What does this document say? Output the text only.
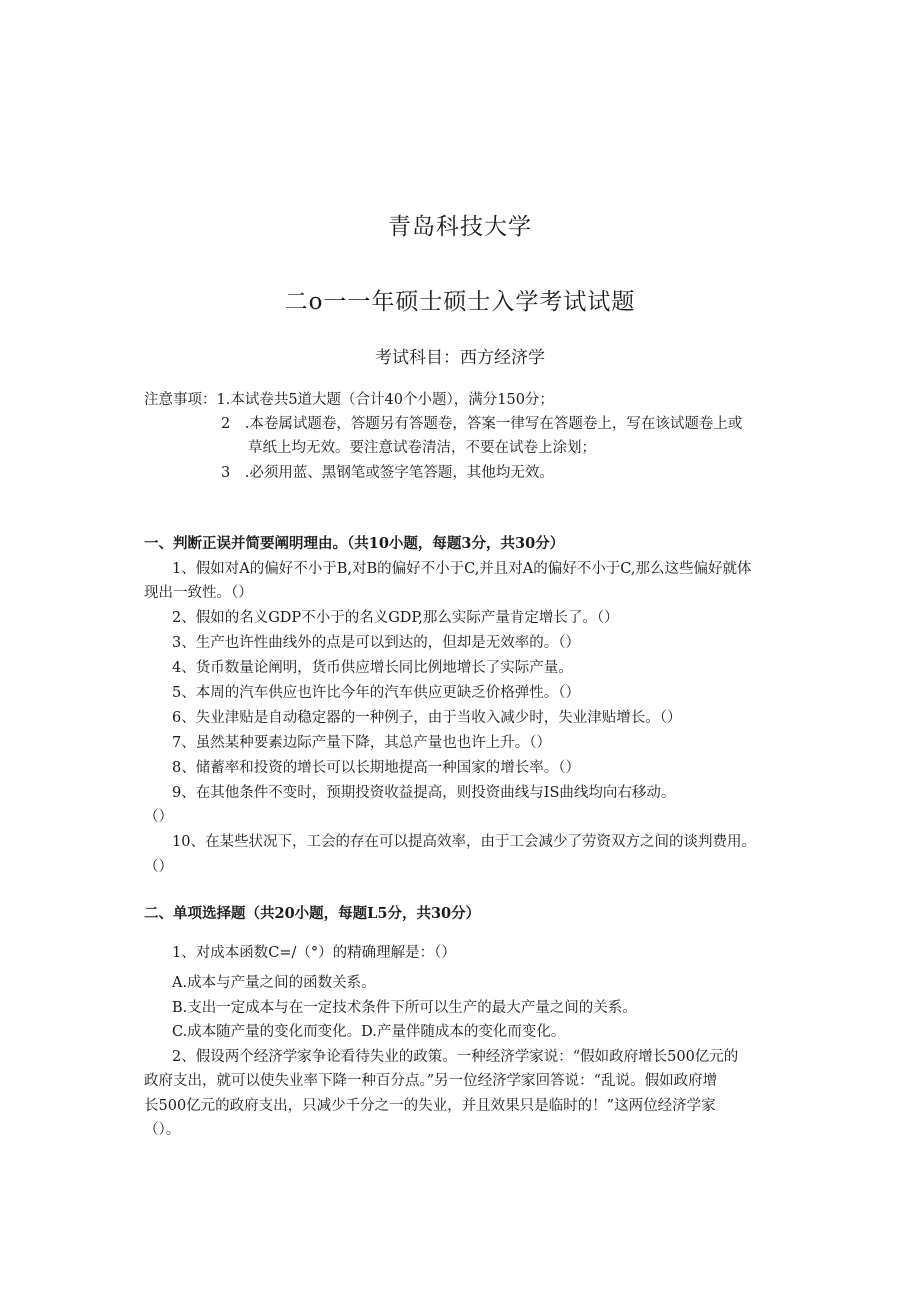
青岛科技大学
二o一一年硕士硕士入学考试试题
考试科目：西方经济学
注意事项：1.本试卷共5道大题（合计40个小题），满分150分；
2　.本卷属试题卷，答题另有答题卷，答案一律写在答题卷上，写在该试题卷上或
草纸上均无效。要注意试卷清洁，不要在试卷上涂划；
3　.必须用蓝、黑钢笔或签字笔答题，其他均无效。
一、判断正误并简要阐明理由。（共10小题，每题3分，共30分）
1、假如对A的偏好不小于B,对B的偏好不小于C,并且对A的偏好不小于C,那么这些偏好就体
现出一致性。（）
2、假如的名义GDP不小于的名义GDP,那么实际产量肯定增长了。（）
3、生产也许性曲线外的点是可以到达的，但却是无效率的。（）
4、货币数量论阐明，货币供应增长同比例地增长了实际产量。
5、本周的汽车供应也许比今年的汽车供应更缺乏价格弹性。（）
6、失业津贴是自动稳定器的一种例子，由于当收入减少时，失业津贴增长。（）
7、虽然某种要素边际产量下降，其总产量也也许上升。（）
8、储蓄率和投资的增长可以长期地提高一种国家的增长率。（）
9、在其他条件不变时，预期投资收益提高，则投资曲线与IS曲线均向右移动。
（）
10、在某些状况下，工会的存在可以提高效率，由于工会减少了劳资双方之间的谈判费用。
（）
二、单项选择题（共20小题，每题L5分，共30分）
1、对成本函数C=/（°）的精确理解是：（）
A.成本与产量之间的函数关系。
B.支出一定成本与在一定技术条件下所可以生产的最大产量之间的关系。
C.成本随产量的变化而变化。D.产量伴随成本的变化而变化。
2、假设两个经济学家争论看待失业的政策。一种经济学家说：“假如政府增长500亿元的
政府支出，就可以使失业率下降一种百分点。”另一位经济学家回答说：“乱说。假如政府增
长500亿元的政府支出，只减少千分之一的失业，并且效果只是临时的！”这两位经济学家
（）。
